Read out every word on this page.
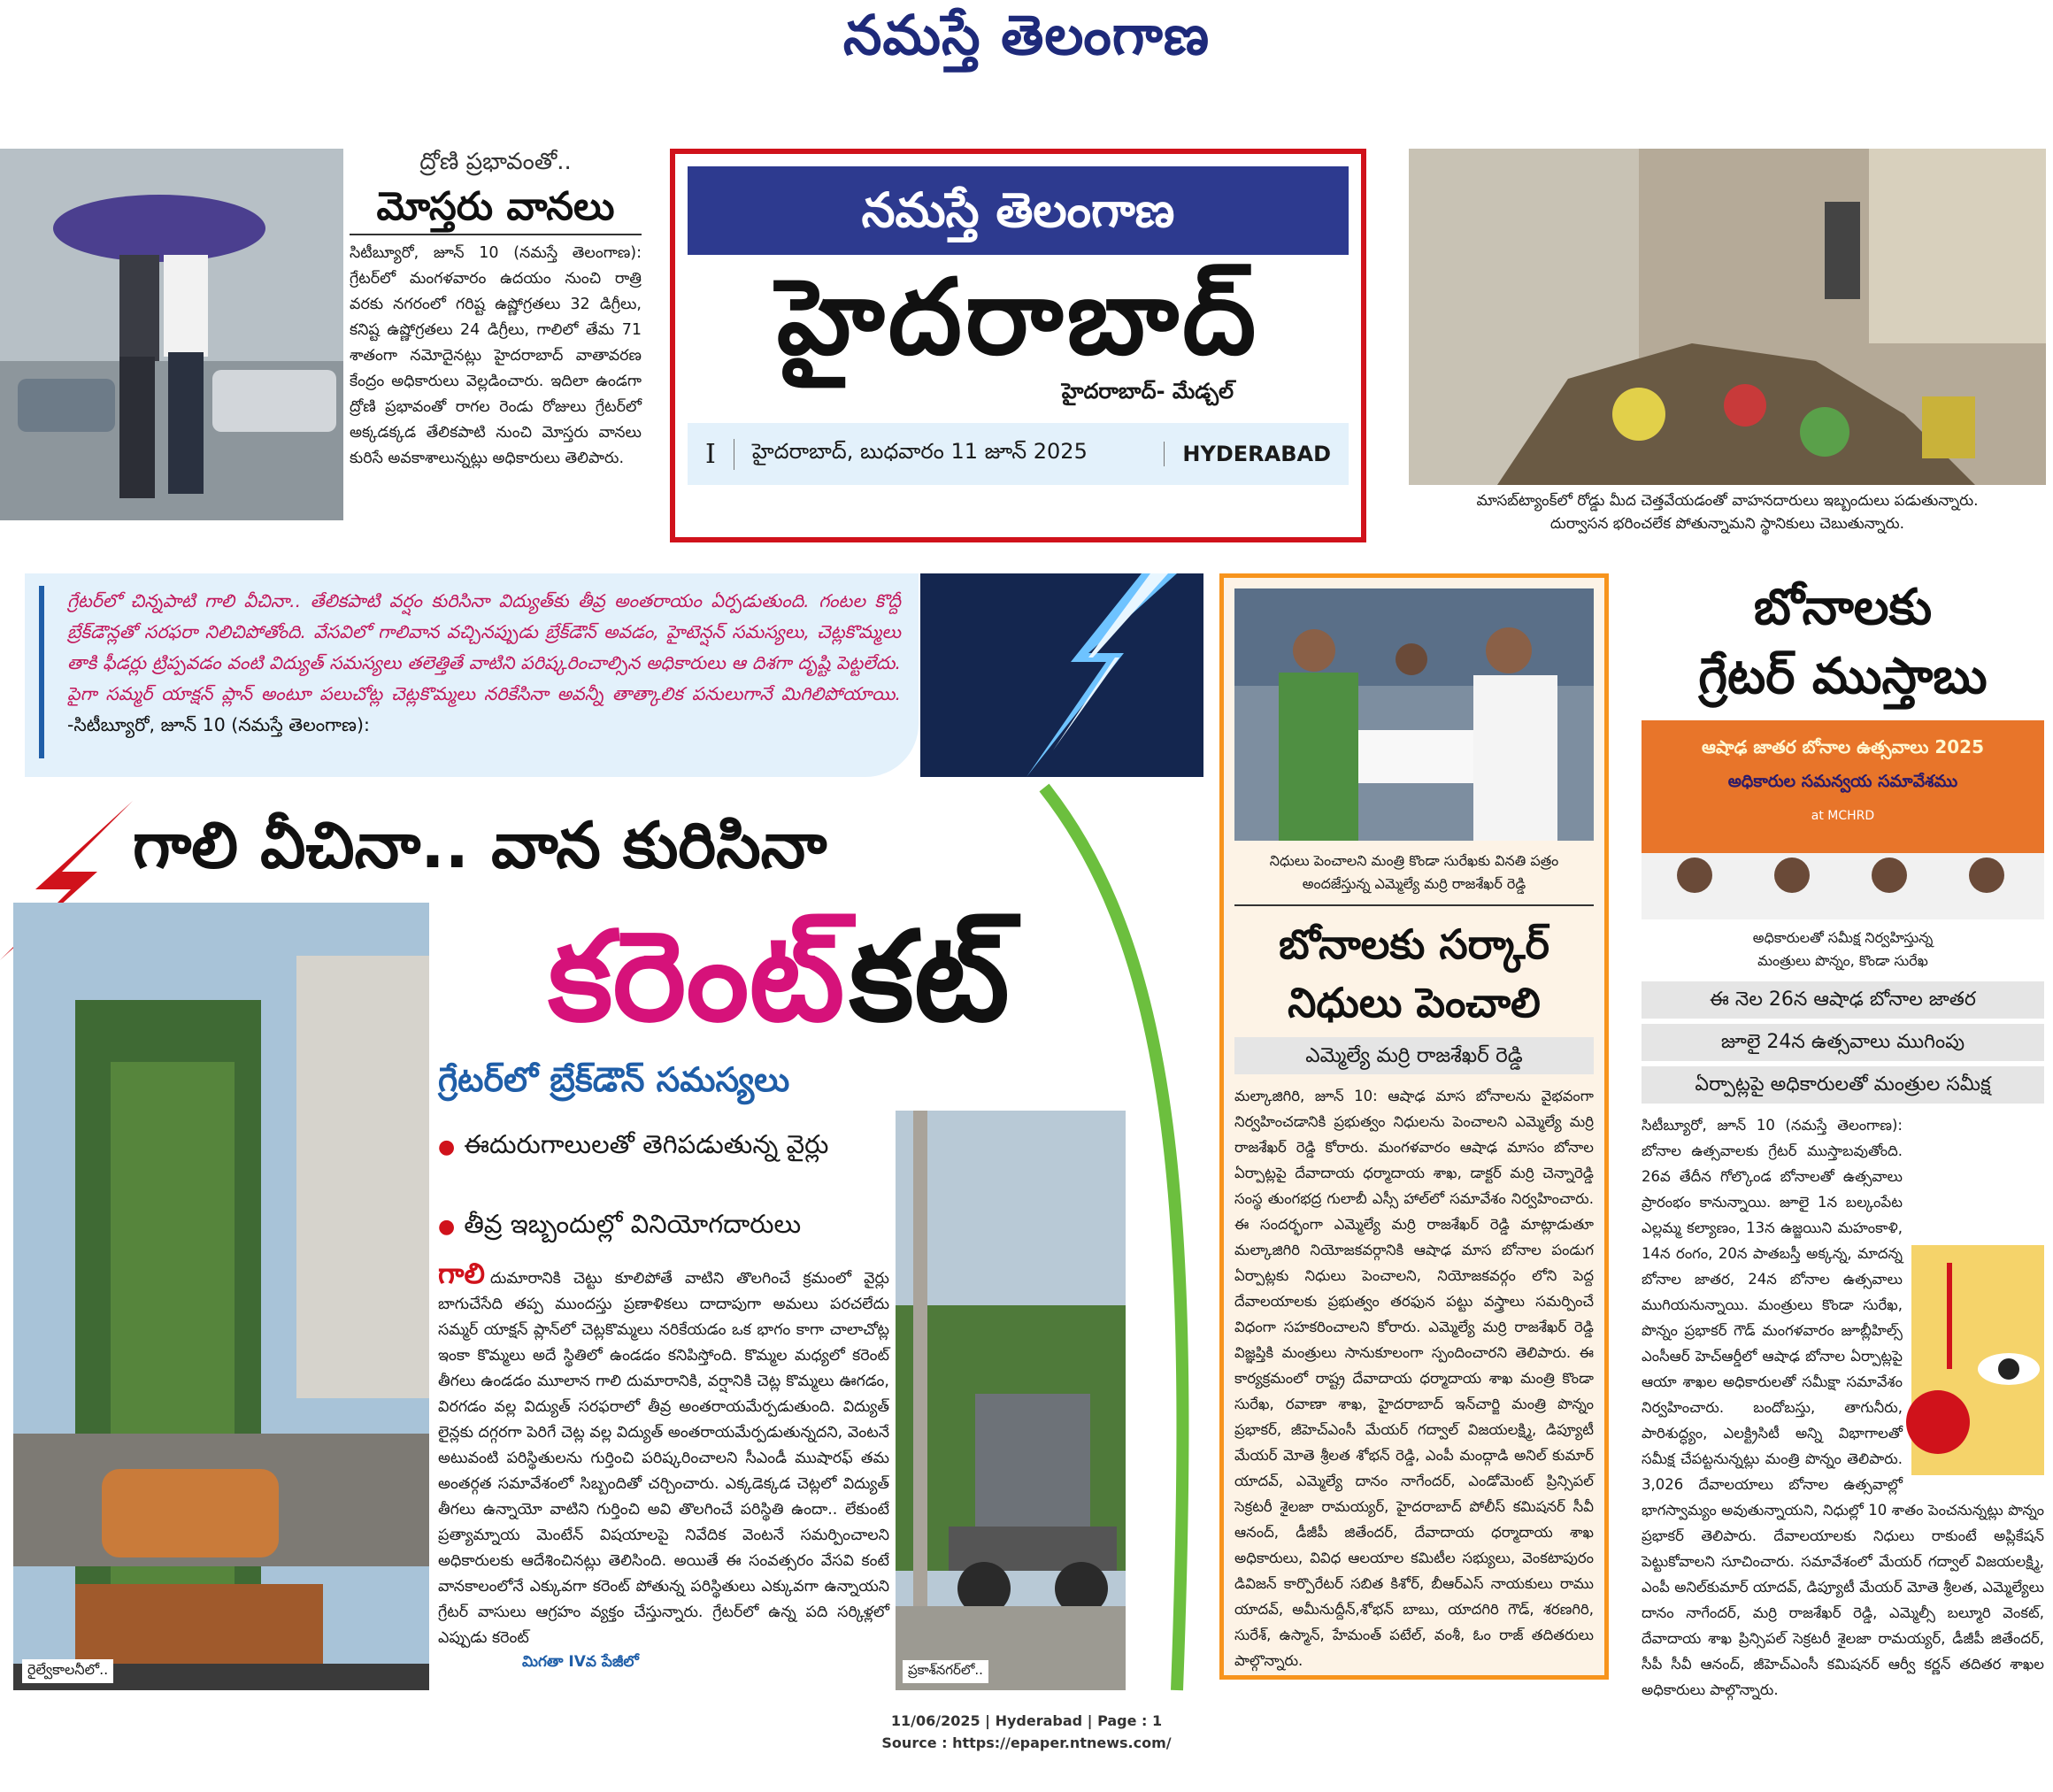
నమస్తే తెలంగాణ
ద్రోణి ప్రభావంతో..
మోస్తరు వానలు
సిటీబ్యూరో, జూన్ 10 (నమస్తే తెలంగాణ): గ్రేటర్‌లో మంగళవారం ఉదయం నుంచి రాత్రి వరకు నగరంలో గరిష్ట ఉష్ణోగ్రతలు 32 డిగ్రీలు, కనిష్ట ఉష్ణోగ్రతలు 24 డిగ్రీలు, గాలిలో తేమ 71 శాతంగా నమోదైనట్లు హైదరాబాద్ వాతావరణ కేంద్రం అధికారులు వెల్లడించారు. ఇదిలా ఉండగా ద్రోణి ప్రభావంతో రాగల రెండు రోజులు గ్రేటర్‌లో అక్కడక్కడ తేలికపాటి నుంచి మోస్తరు వానలు కురిసే అవకాశాలున్నట్లు అధికారులు తెలిపారు.
నమస్తే తెలంగాణ
హైదరాబాద్
హైదరాబాద్- మేడ్చల్
I	హైదరాబాద్, బుధవారం 11 జూన్ 2025	HYDERABAD
మాసబ్‌ట్యాంక్‌లో రోడ్డు మీద చెత్తవేయడంతో వాహనదారులు ఇబ్బందులు పడుతున్నారు.
దుర్వాసన భరించలేక పోతున్నామని స్థానికులు చెబుతున్నారు.
గ్రేటర్‌లో చిన్నపాటి గాలి వీచినా.. తేలికపాటి వర్షం కురిసినా విద్యుత్‌కు తీవ్ర అంతరాయం ఏర్పడుతుంది. గంటల కొద్దీ బ్రేక్‌డౌన్లతో సరఫరా నిలిచిపోతోంది. వేసవిలో గాలివాన వచ్చినప్పుడు బ్రేక్‌డౌన్ అవడం, హైటెన్షన్ సమస్యలు, చెట్లకొమ్మలు తాకి ఫీడర్లు ట్రిప్పవడం వంటి విద్యుత్ సమస్యలు తలెత్తితే వాటిని పరిష్కరించాల్సిన అధికారులు ఆ దిశగా దృష్టి పెట్టలేదు. పైగా సమ్మర్ యాక్షన్ ప్లాన్ అంటూ పలుచోట్ల చెట్లకొమ్మలు నరికేసినా అవన్నీ తాత్కాలిక పనులుగానే మిగిలిపోయాయి. -సిటీబ్యూరో, జూన్ 10 (నమస్తే తెలంగాణ):
గాలి వీచినా.. వాన కురిసినా
రైల్వేకాలనీలో..
కరెంట్ కట్
గ్రేటర్‌లో బ్రేక్‌డౌన్ సమస్యలు
● ఈదురుగాలులతో తెగిపడుతున్న వైర్లు
● తీవ్ర ఇబ్బందుల్లో వినియోగదారులు
గాలి దుమారానికి చెట్టు కూలిపోతే వాటిని తొలగించే క్రమంలో వైర్లు బాగుచేసేది తప్ప ముందస్తు ప్రణాళికలు దాదాపుగా అమలు పరచలేదు సమ్మర్ యాక్షన్ ప్లాన్‌లో చెట్లకొమ్మలు నరికేయడం ఒక భాగం కాగా చాలాచోట్ల ఇంకా కొమ్మలు అదే స్థితిలో ఉండడం కనిపిస్తోంది. కొమ్మల మధ్యలో కరెంట్ తీగలు ఉండడం మూలాన గాలి దుమారానికి, వర్షానికి చెట్ల కొమ్మలు ఊగడం, విరగడం వల్ల విద్యుత్ సరఫరాలో తీవ్ర అంతరాయమేర్పడుతుంది. విద్యుత్ లైన్లకు దగ్గరగా పెరిగే చెట్ల వల్ల విద్యుత్ అంతరాయమేర్పడుతున్నదని, వెంటనే అటువంటి పరిస్థితులను గుర్తించి పరిష్కరించాలని సీఎండీ ముషారఫ్ తమ అంతర్గత సమావేశంలో సిబ్బందితో చర్చించారు. ఎక్కడెక్కడ చెట్లలో విద్యుత్ తీగలు ఉన్నాయో వాటిని గుర్తించి అవి తొలగించే పరిస్థితి ఉందా.. లేకుంటే ప్రత్యామ్నాయ మెంటేన్ విషయాలపై నివేదిక వెంటనే సమర్పించాలని అధికారులకు ఆదేశించినట్లు తెలిసింది. అయితే ఈ సంవత్సరం వేసవి కంటే వానకాలంలోనే ఎక్కువగా కరెంట్ పోతున్న పరిస్థితులు ఎక్కువగా ఉన్నాయని గ్రేటర్ వాసులు ఆగ్రహం వ్యక్తం చేస్తున్నారు. గ్రేటర్‌లో ఉన్న పది సర్కిళ్లలో ఎప్పుడు కరెంట్
మిగతా IVవ పేజీలో	ప్రకాశ్‌నగర్‌లో..
నిధులు పెంచాలని మంత్రి కొండా సురేఖకు వినతి పత్రం
అందజేస్తున్న ఎమ్మెల్యే మర్రి రాజశేఖర్ రెడ్డి
బోనాలకు సర్కార్
నిధులు పెంచాలి
ఎమ్మెల్యే మర్రి రాజశేఖర్ రెడ్డి
మల్కాజిగిరి, జూన్ 10: ఆషాఢ మాస బోనాలను వైభవంగా నిర్వహించడానికి ప్రభుత్వం నిధులను పెంచాలని ఎమ్మెల్యే మర్రి రాజశేఖర్ రెడ్డి కోరారు. మంగళవారం ఆషాఢ మాసం బోనాల ఏర్పాట్లపై దేవాదాయ ధర్మాదాయ శాఖ, డాక్టర్ మర్రి చెన్నారెడ్డి సంస్థ తుంగభద్ర గులాబీ ఎస్సీ హాల్‌లో సమావేశం నిర్వహించారు. ఈ సందర్భంగా ఎమ్మెల్యే మర్రి రాజశేఖర్ రెడ్డి మాట్లాడుతూ మల్కాజిగిరి నియోజకవర్గానికి ఆషాఢ మాస బోనాల పండుగ ఏర్పాట్లకు నిధులు పెంచాలని, నియోజకవర్గం లోని పెద్ద దేవాలయాలకు ప్రభుత్వం తరఫున పట్టు వస్త్రాలు సమర్పించే విధంగా సహకరించాలని కోరారు. ఎమ్మెల్యే మర్రి రాజశేఖర్ రెడ్డి విజ్ఞప్తికి మంత్రులు సానుకూలంగా స్పందించారని తెలిపారు. ఈ కార్యక్రమంలో రాష్ట్ర దేవాదాయ ధర్మాదాయ శాఖ మంత్రి కొండా సురేఖ, రవాణా శాఖ, హైదరాబాద్ ఇన్‌చార్జి మంత్రి పొన్నం ప్రభాకర్, జీహెచ్ఎంసీ మేయర్ గద్వాల్ విజయలక్ష్మి, డిప్యూటీ మేయర్ మోతె శ్రీలత శోభన్ రెడ్డి, ఎంపీ మంద్గాడి అనిల్ కుమార్ యాదవ్, ఎమ్మెల్యే దానం నాగేందర్, ఎండోమెంట్ ప్రిన్సిపల్ సెక్రటరీ శైలజా రామయ్యర్, హైదరాబాద్ పోలీస్ కమిషనర్ సీవీ ఆనంద్, డీజీపీ జితేందర్, దేవాదాయ ధర్మాదాయ శాఖ అధికారులు, వివిధ ఆలయాల కమిటీల సభ్యులు, వెంకటాపురం డివిజన్ కార్పొరేటర్ సబిత కిశోర్, బీఆర్ఎస్ నాయకులు రాము యాదవ్, అమీనుద్దీన్,శోభన్ బాబు, యాదగిరి గౌడ్, శరణగిరి, సురేశ్, ఉస్మాన్, హేమంత్ పటేల్, వంశీ, ఓం రాజ్ తదితరులు పాల్గొన్నారు.
బోనాలకు
గ్రేటర్ ముస్తాబు
ఆషాఢ జాతర బోనాల ఉత్సవాలు 2025
అధికారుల సమన్వయ సమావేశము
at MCHRD
అధికారులతో సమీక్ష నిర్వహిస్తున్న
మంత్రులు పొన్నం, కొండా సురేఖ
ఈ నెల 26న ఆషాఢ బోనాల జాతర
జూలై 24న ఉత్సవాలు ముగింపు
ఏర్పాట్లపై అధికారులతో మంత్రుల సమీక్ష
సిటీబ్యూరో, జూన్ 10 (నమస్తే తెలంగాణ): బోనాల ఉత్సవాలకు గ్రేటర్ ముస్తాబవుతోంది. 26వ తేదీన గోల్కొండ బోనాలతో ఉత్సవాలు ప్రారంభం కానున్నాయి. జూలై 1న బల్కంపేట ఎల్లమ్మ కల్యాణం, 13న ఉజ్జయిని మహంకాళి, 14న రంగం, 20న పాతబస్తీ అక్కన్న, మాదన్న బోనాల జాతర, 24న బోనాల ఉత్సవాలు ముగియనున్నాయి. మంత్రులు కొండా సురేఖ, పొన్నం ప్రభాకర్ గౌడ్ మంగళవారం జూబ్లీహిల్స్ ఎంసీఆర్ హెచ్ఆర్డీలో ఆషాఢ బోనాల ఏర్పాట్లపై ఆయా శాఖల అధికారులతో సమీక్షా సమావేశం నిర్వహించారు. బందోబస్తు, తాగునీరు, పారిశుద్ధ్యం, ఎలక్ట్రిసిటీ అన్ని విభాగాలతో సమీక్ష చేపట్టనున్నట్లు మంత్రి పొన్నం తెలిపారు. 3,026 దేవాలయాలు బోనాల ఉత్సవాల్లో భాగస్వామ్యం అవుతున్నాయని, నిధుల్లో 10 శాతం పెంచనున్నట్లు పొన్నం ప్రభాకర్ తెలిపారు. దేవాలయాలకు నిధులు రాకుంటే అప్లికేషన్ పెట్టుకోవాలని సూచించారు. సమావేశంలో మేయర్ గద్వాల్ విజయలక్ష్మి, ఎంపీ అనిల్‌కుమార్ యాదవ్, డిప్యూటీ మేయర్ మోతె శ్రీలత, ఎమ్మెల్యేలు దానం నాగేందర్, మర్రి రాజశేఖర్ రెడ్డి, ఎమ్మెల్సీ బల్మూరి వెంకట్, దేవాదాయ శాఖ ప్రిన్సిపల్ సెక్రటరీ శైలజా రామయ్యర్, డీజీపీ జితేందర్, సీపీ సీవీ ఆనంద్, జీహెచ్ఎంసీ కమిషనర్ ఆర్వీ కర్ణన్ తదితర శాఖల అధికారులు పాల్గొన్నారు.
11/06/2025 | Hyderabad | Page : 1
Source : https://epaper.ntnews.com/
